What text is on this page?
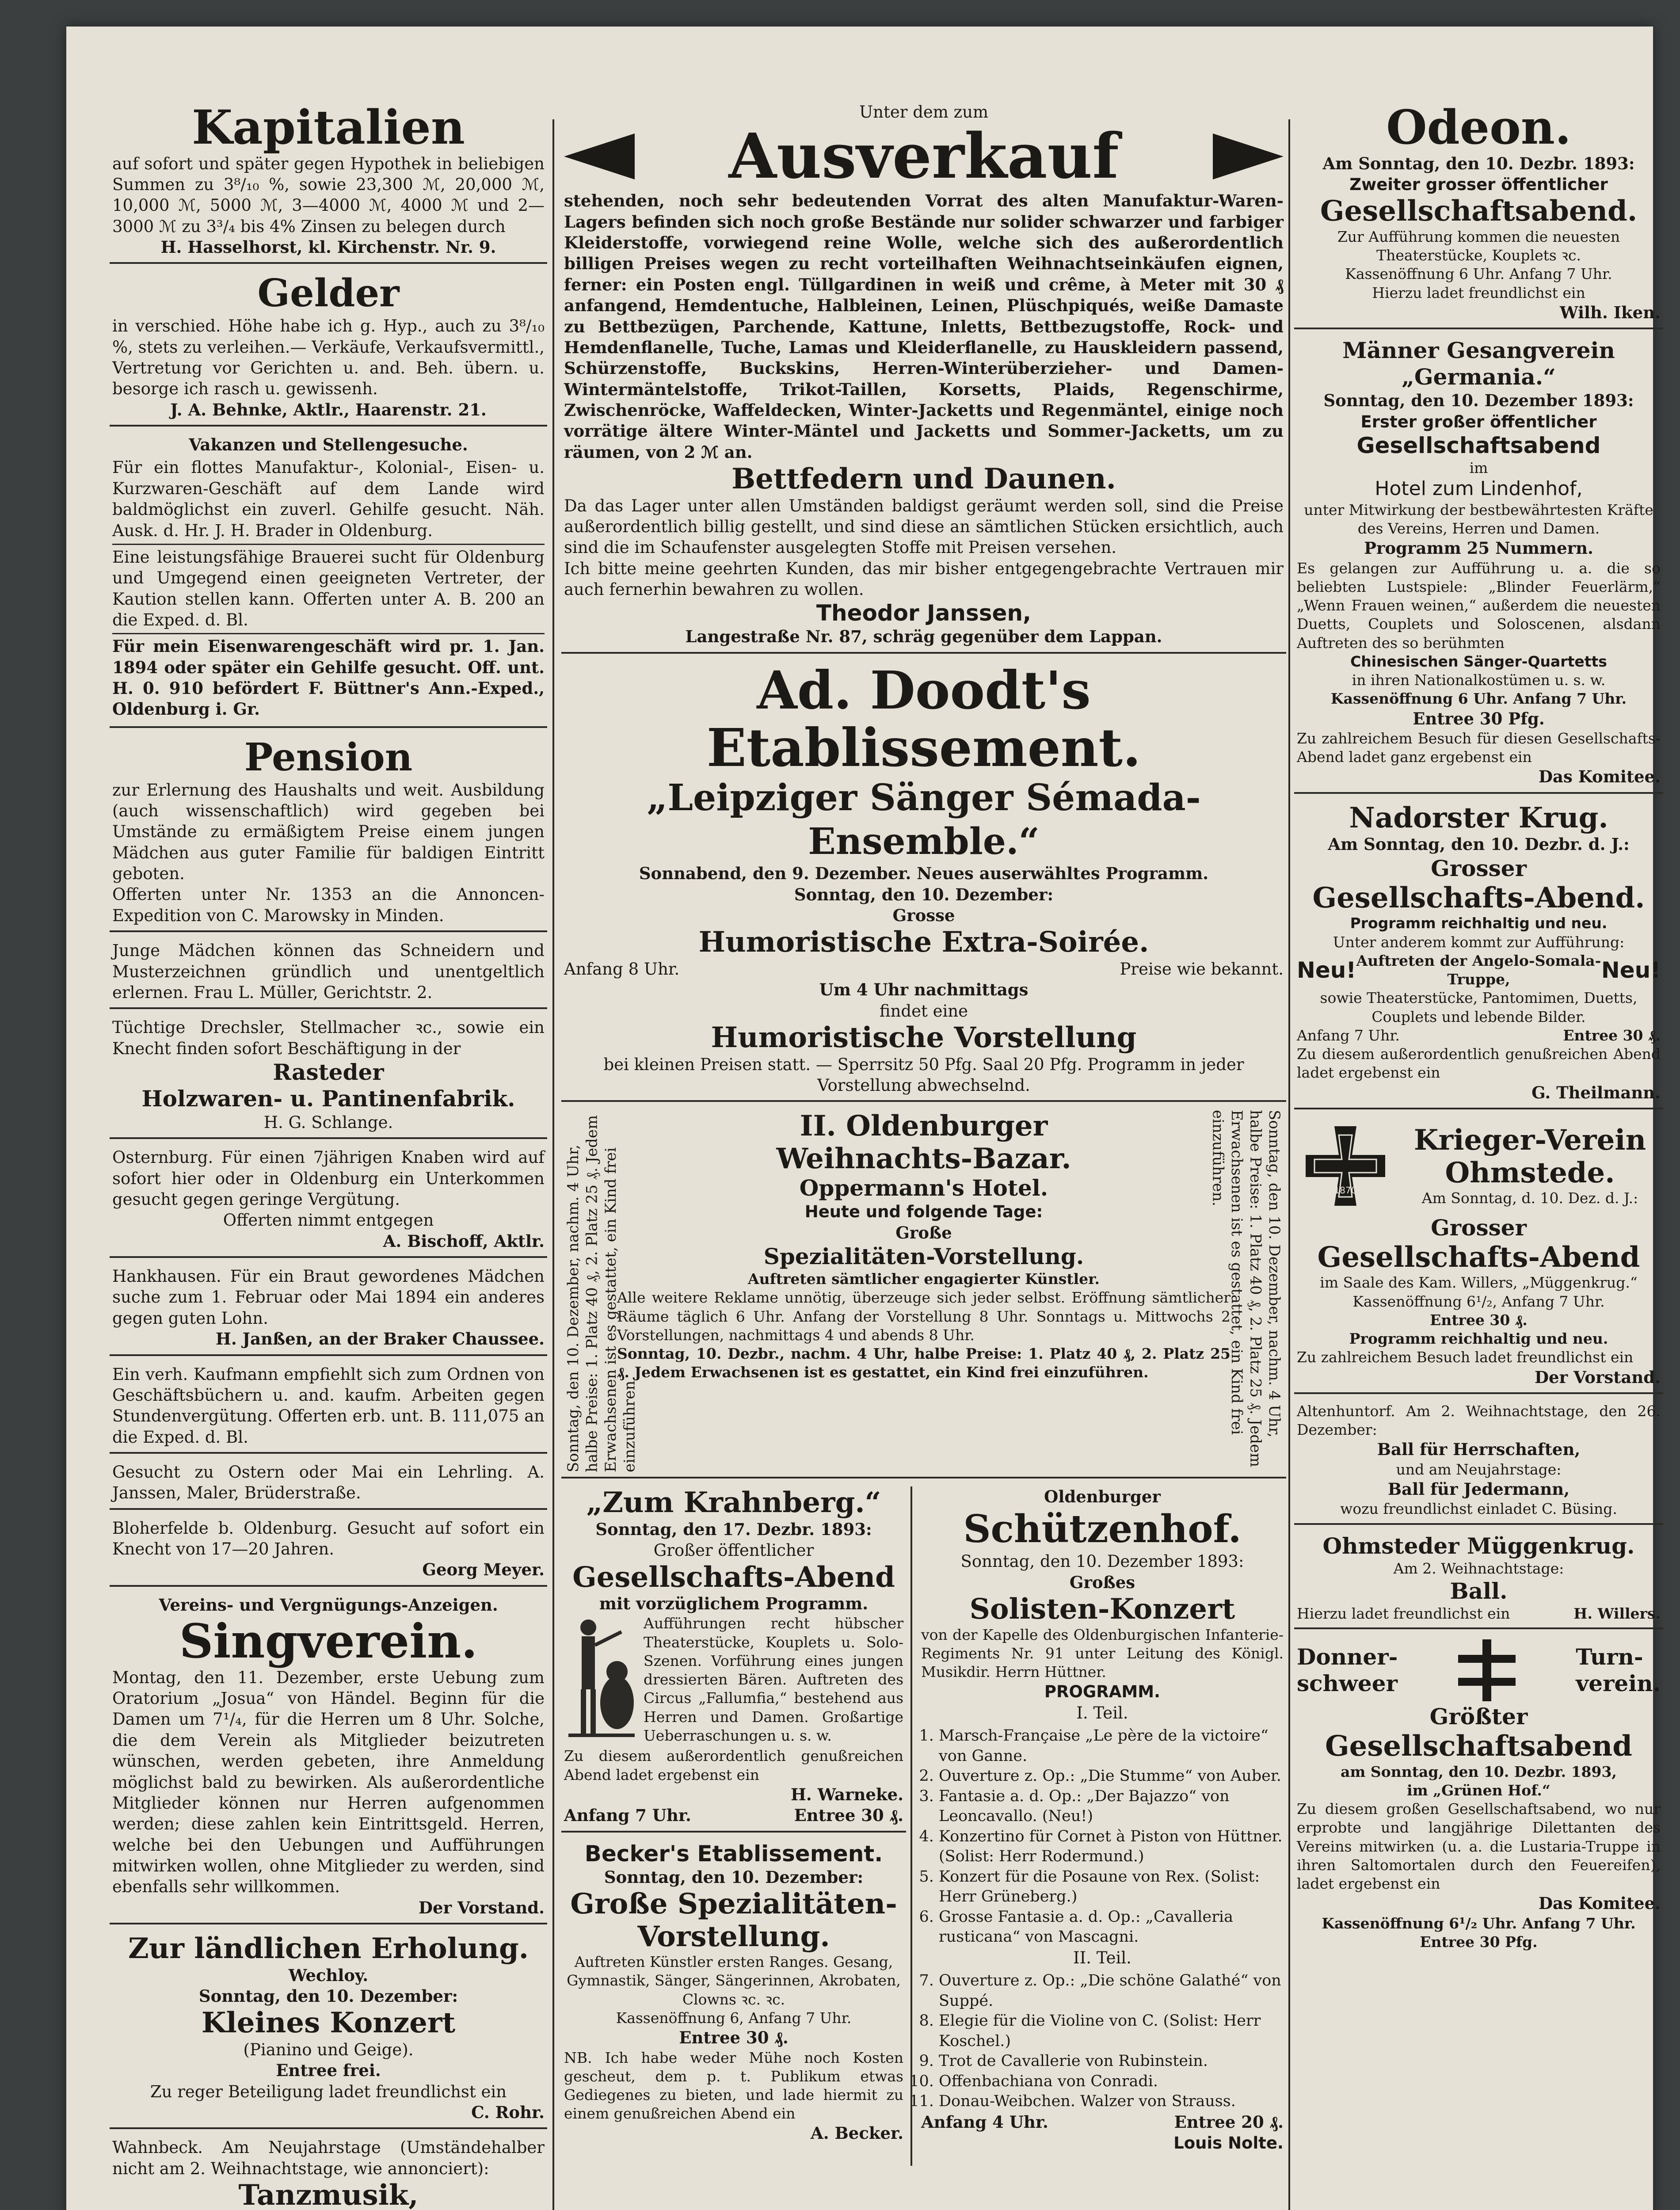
Kapitalien

auf sofort und später gegen Hypothek in beliebigen Summen zu 3⁸/₁₀ %, sowie 23,300 ℳ, 20,000 ℳ, 10,000 ℳ, 5000 ℳ, 3—4000 ℳ, 4000 ℳ und 2—3000 ℳ zu 3³/₄ bis 4% Zinsen zu belegen durch

H. Hasselhorst, kl. Kirchenstr. Nr. 9.

Gelder

in verschied. Höhe habe ich g. Hyp., auch zu 3⁸/₁₀ %, stets zu verleihen.— Verkäufe, Verkaufsvermittl., Vertretung vor Gerichten u. and. Beh. übern. u. besorge ich rasch u. gewissenh.

J. A. Behnke, Aktlr., Haarenstr. 21.

Vakanzen und Stellengesuche.

Für ein flottes Manufaktur-, Kolonial-, Eisen- u. Kurzwaren-Geschäft auf dem Lande wird baldmöglichst ein zuverl. Gehilfe gesucht. Näh. Ausk. d. Hr. J. H. Brader in Oldenburg.

Eine leistungsfähige Brauerei sucht für Oldenburg und Umgegend einen geeigneten Vertreter, der Kaution stellen kann. Offerten unter A. B. 200 an die Exped. d. Bl.

Für mein Eisenwarengeschäft wird pr. 1. Jan. 1894 oder später ein Gehilfe gesucht. Off. unt. H. 0. 910 befördert F. Büttner's Ann.-Exped., Oldenburg i. Gr.

Pension

zur Erlernung des Haushalts und weit. Ausbildung (auch wissenschaftlich) wird gegeben bei Umstände zu ermäßigtem Preise einem jungen Mädchen aus guter Familie für baldigen Eintritt geboten.

Offerten unter Nr. 1353 an die Annoncen-Expedition von C. Marowsky in Minden.

Junge Mädchen können das Schneidern und Musterzeichnen gründlich und unentgeltlich erlernen. Frau L. Müller, Gerichtstr. 2.

Tüchtige Drechsler, Stellmacher ꝛc., sowie ein Knecht finden sofort Beschäftigung in der

Rasteder
Holzwaren- u. Pantinenfabrik.

H. G. Schlange.

Osternburg. Für einen 7jährigen Knaben wird auf sofort hier oder in Oldenburg ein Unterkommen gesucht gegen geringe Vergütung.

Offerten nimmt entgegen

A. Bischoff, Aktlr.

Hankhausen. Für ein Braut gewordenes Mädchen suche zum 1. Februar oder Mai 1894 ein anderes gegen guten Lohn.

H. Janßen, an der Braker Chaussee.

Ein verh. Kaufmann empfiehlt sich zum Ordnen von Geschäftsbüchern u. and. kaufm. Arbeiten gegen Stundenvergütung. Offerten erb. unt. B. 111,075 an die Exped. d. Bl.

Gesucht zu Ostern oder Mai ein Lehrling. A. Janssen, Maler, Brüderstraße.

Bloherfelde b. Oldenburg. Gesucht auf sofort ein Knecht von 17—20 Jahren.

Georg Meyer.

Vereins- und Vergnügungs-Anzeigen.

Singverein.

Montag, den 11. Dezember, erste Uebung zum Oratorium „Josua“ von Händel. Beginn für die Damen um 7¹/₄, für die Herren um 8 Uhr. Solche, die dem Verein als Mitglieder beizutreten wünschen, werden gebeten, ihre Anmeldung möglichst bald zu bewirken. Als außerordentliche Mitglieder können nur Herren aufgenommen werden; diese zahlen kein Eintrittsgeld. Herren, welche bei den Uebungen und Aufführungen mitwirken wollen, ohne Mitglieder zu werden, sind ebenfalls sehr willkommen.

Der Vorstand.

Zur ländlichen Erholung.

Wechloy.

Sonntag, den 10. Dezember:

Kleines Konzert

(Pianino und Geige).

Entree frei.

Zu reger Beteiligung ladet freundlichst ein

C. Rohr.

Wahnbeck. Am Neujahrstage (Umständehalber nicht am 2. Weihnachtstage, wie annonciert):

Tanzmusik,

Unter dem zum

Ausverkauf

stehenden, noch sehr bedeutenden Vorrat des alten Manufaktur-Waren-Lagers befinden sich noch große Bestände nur solider schwarzer und farbiger Kleiderstoffe, vorwiegend reine Wolle, welche sich des außerordentlich billigen Preises wegen zu recht vorteilhaften Weihnachtseinkäufen eignen, ferner: ein Posten engl. Tüllgardinen in weiß und crême, à Meter mit 30 ₰ anfangend, Hemdentuche, Halbleinen, Leinen, Plüschpiqués, weiße Damaste zu Bettbezügen, Parchende, Kattune, Inletts, Bettbezugstoffe, Rock- und Hemdenflanelle, Tuche, Lamas und Kleiderflanelle, zu Hauskleidern passend, Schürzenstoffe, Buckskins, Herren-Winterüberzieher- und Damen-Wintermäntelstoffe, Trikot-Taillen, Korsetts, Plaids, Regenschirme, Zwischenröcke, Waffeldecken, Winter-Jacketts und Regenmäntel, einige noch vorrätige ältere Winter-Mäntel und Jacketts und Sommer-Jacketts, um zu räumen, von 2 ℳ an.

Bettfedern und Daunen.

Da das Lager unter allen Umständen baldigst geräumt werden soll, sind die Preise außerordentlich billig gestellt, und sind diese an sämtlichen Stücken ersichtlich, auch sind die im Schaufenster ausgelegten Stoffe mit Preisen versehen.

Ich bitte meine geehrten Kunden, das mir bisher entgegengebrachte Vertrauen mir auch fernerhin bewahren zu wollen.

Theodor Janssen,

Langestraße Nr. 87, schräg gegenüber dem Lappan.

Ad. Doodt's Etablissement.
„Leipziger Sänger Sémada-Ensemble.“

Sonnabend, den 9. Dezember. Neues auserwähltes Programm.

Sonntag, den 10. Dezember:

Grosse

Humoristische Extra-Soirée.
Anfang 8 Uhr.	Preise wie bekannt.

Um 4 Uhr nachmittags

findet eine

Humoristische Vorstellung

bei kleinen Preisen statt. — Sperrsitz 50 Pfg. Saal 20 Pfg. Programm in jeder Vorstellung abwechselnd.

Sonntag, den 10. Dezember, nachm. 4 Uhr, halbe Preise: 1. Platz 40 ₰, 2. Platz 25 ₰. Jedem Erwachsenen ist es gestattet, ein Kind frei einzuführen.
II. Oldenburger
Weihnachts-Bazar.

Oppermann's Hotel.

Heute und folgende Tage:

Große

Spezialitäten-Vorstellung.

Auftreten sämtlicher engagierter Künstler.

Alle weitere Reklame unnötig, überzeuge sich jeder selbst. Eröffnung sämtlicher Räume täglich 6 Uhr. Anfang der Vorstellung 8 Uhr. Sonntags u. Mittwochs 2 Vorstellungen, nachmittags 4 und abends 8 Uhr.

Sonntag, 10. Dezbr., nachm. 4 Uhr, halbe Preise: 1. Platz 40 ₰, 2. Platz 25 ₰. Jedem Erwachsenen ist es gestattet, ein Kind frei einzuführen.	Sonntag, den 10. Dezember, nachm. 4 Uhr, halbe Preise: 1. Platz 40 ₰, 2. Platz 25 ₰. Jedem Erwachsenen ist es gestattet, ein Kind frei einzuführen.
„Zum Krahnberg.“

Sonntag, den 17. Dezbr. 1893:

Großer öffentlicher

Gesellschafts-Abend

mit vorzüglichem Programm.

Aufführungen recht hübscher Theaterstücke, Kouplets u. Solo-Szenen. Vorführung eines jungen dressierten Bären. Auftreten des Circus „Fallumfia,“ bestehend aus Herren und Damen. Großartige Ueberraschungen u. s. w.

Zu diesem außerordentlich genußreichen Abend ladet ergebenst ein

H. Warneke.

Anfang 7 Uhr.	Entree 30 ₰.

Becker's Etablissement.

Sonntag, den 10. Dezember:

Große Spezialitäten-Vorstellung.

Auftreten Künstler ersten Ranges. Gesang, Gymnastik, Sänger, Sängerinnen, Akrobaten, Clowns ꝛc. ꝛc.

Kassenöffnung 6, Anfang 7 Uhr.

Entree 30 ₰.

NB. Ich habe weder Mühe noch Kosten gescheut, dem p. t. Publikum etwas Gediegenes zu bieten, und lade hiermit zu einem genußreichen Abend ein

A. Becker.

Oldenburger

Schützenhof.

Sonntag, den 10. Dezember 1893:

Großes

Solisten-Konzert

von der Kapelle des Oldenburgischen Infanterie-Regiments Nr. 91 unter Leitung des Königl. Musikdir. Herrn Hüttner.

PROGRAMM.

I. Teil.

1. Marsch-Française „Le père de la victoire“ von Ganne.
2. Ouverture z. Op.: „Die Stumme“ von Auber.
3. Fantasie a. d. Op.: „Der Bajazzo“ von Leoncavallo. (Neu!)
4. Konzertino für Cornet à Piston von Hüttner. (Solist: Herr Rodermund.)
5. Konzert für die Posaune von Rex. (Solist: Herr Grüneberg.)
6. Grosse Fantasie a. d. Op.: „Cavalleria rusticana“ von Mascagni.

II. Teil.

7. Ouverture z. Op.: „Die schöne Galathé“ von Suppé.
8. Elegie für die Violine von C. (Solist: Herr Koschel.)
9. Trot de Cavallerie von Rubinstein.
10. Offenbachiana von Conradi.
11. Donau-Weibchen. Walzer von Strauss.
Anfang 4 Uhr.	Entree 20 ₰.

Louis Nolte.

Odeon.

Am Sonntag, den 10. Dezbr. 1893:

Zweiter grosser öffentlicher

Gesellschaftsabend.

Zur Aufführung kommen die neuesten Theaterstücke, Kouplets ꝛc.

Kassenöffnung 6 Uhr. Anfang 7 Uhr.

Hierzu ladet freundlichst ein

Wilh. Iken.

Männer Gesangverein
„Germania.“

Sonntag, den 10. Dezember 1893:

Erster großer öffentlicher

Gesellschaftsabend

im

Hotel zum Lindenhof,

unter Mitwirkung der bestbewährtesten Kräfte des Vereins, Herren und Damen.

Programm 25 Nummern.

Es gelangen zur Aufführung u. a. die so beliebten Lustspiele: „Blinder Feuerlärm,“ „Wenn Frauen weinen,“ außerdem die neuesten Duetts, Couplets und Soloscenen, alsdann Auftreten des so berühmten

Chinesischen Sänger-Quartetts

in ihren Nationalkostümen u. s. w.

Kassenöffnung 6 Uhr. Anfang 7 Uhr.

Entree 30 Pfg.

Zu zahlreichem Besuch für diesen Gesellschafts-Abend ladet ganz ergebenst ein

Das Komitee.

Nadorster Krug.

Am Sonntag, den 10. Dezbr. d. J.:

Grosser

Gesellschafts-Abend.

Programm reichhaltig und neu.

Unter anderem kommt zur Aufführung:

Neu! Auftreten der Angelo-Somala-Truppe,	Neu!

sowie Theaterstücke, Pantomimen, Duetts, Couplets und lebende Bilder.

Anfang 7 Uhr.	Entree 30 ₰.

Zu diesem außerordentlich genußreichen Abend ladet ergebenst ein

G. Theilmann.

1870
Krieger-Verein
Ohmstede.

Am Sonntag, d. 10. Dez. d. J.:

Grosser

Gesellschafts-Abend

im Saale des Kam. Willers, „Müggenkrug.“ Kassenöffnung 6¹/₂, Anfang 7 Uhr.

Entree 30 ₰.

Programm reichhaltig und neu.

Zu zahlreichem Besuch ladet freundlichst ein

Der Vorstand.

Altenhuntorf. Am 2. Weihnachtstage, den 26. Dezember:

Ball für Herrschaften,

und am Neujahrstage:

Ball für Jedermann,

wozu freundlichst einladet C. Büsing.

Ohmsteder Müggenkrug.

Am 2. Weihnachtstage:

Ball.
Hierzu ladet freundlichst ein	H. Willers.
Donner-
schweer
Turn-
verein.

Größter

Gesellschaftsabend

am Sonntag, den 10. Dezbr. 1893,

im „Grünen Hof.“

Zu diesem großen Gesellschaftsabend, wo nur erprobte und langjährige Dilettanten des Vereins mitwirken (u. a. die Lustaria-Truppe in ihren Saltomortalen durch den Feuereifen), ladet ergebenst ein

Das Komitee.

Kassenöffnung 6¹/₂ Uhr. Anfang 7 Uhr.

Entree 30 Pfg.
